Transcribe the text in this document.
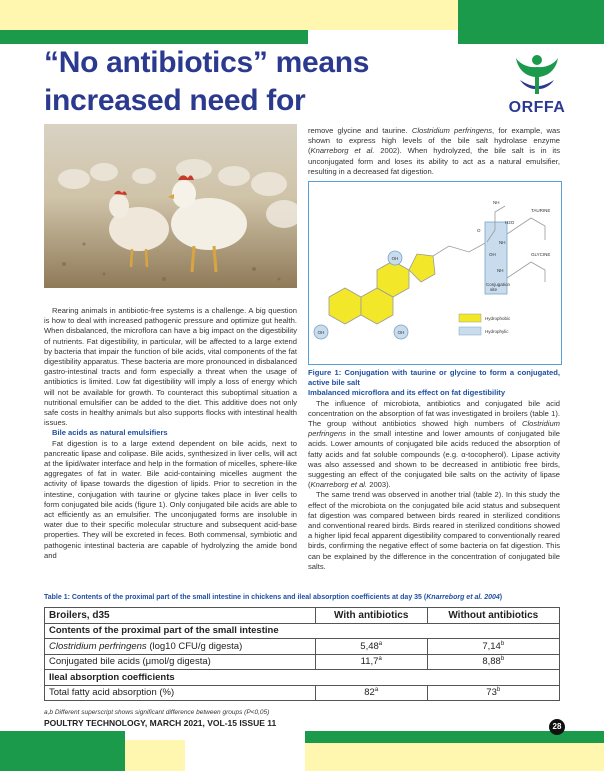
“No antibiotics” means increased need for	ORFFA

Rearing animals in antibiotic-free systems is a challenge. A big question is how to deal with increased pathogenic pressure and optimize gut health. When disbalanced, the microflora can have a big impact on the digestibility of nutrients. Fat digestibility, in particular, will be affected to a large extend by bacteria that impair the function of bile acids, vital components of the fat digestibility apparatus. These bacteria are more pronounced in disbalanced gastro-intestinal tracts and form especially a threat when the usage of antibiotics is limited. Low fat digestibility will imply a loss of energy which will not be available for growth. To counteract this suboptimal situation a nutritional emulsifier can be added to the diet. This additive does not only safe costs in healthy animals but also supports flocks with intestinal health issues.

Bile acids as natural emulsifiers

Fat digestion is to a large extend dependent on bile acids, next to pancreatic lipase and colipase. Bile acids, synthesized in liver cells, will act at the lipid/water interface and help in the formation of micelles, sphere-like aggregates of fat in water. Bile acid-containing micelles augment the activity of lipase towards the digestion of lipids. Prior to secretion in the intestine, conjugation with taurine or glycine takes place in liver cells to form conjugated bile acids (figure 1). Only conjugated bile acids are able to act efficiently as an emulsifier. The unconjugated forms are insoluble in water due to their specific molecular structure and subsequent acid-base properties. They will be excreted in feces. Both commensal, symbiotic and pathogenic intestinal bacteria are capable of hydrolyzing the amide bond and

remove glycine and taurine. Clostridium perfringens, for example, was shown to express high levels of the bile salt hydrolase enzyme (Knarreborg et al. 2002). When hydrolyzed, the bile salt is in its unconjugated form and loses its ability to act as a natural emulsifier, resulting in a decreased fat digestion.

OH
OH	OH
NH
H2O
NH
O
OH
NH
Conjugation
site
TAURINE
GLYCINE
Hydrophobic
Hydrophylic

Figure 1: Conjugation with taurine or glycine to form a conjugated, active bile salt

Imbalanced microflora and its effect on fat digestibility

The influence of microbiota, antibiotics and conjugated bile acid concentration on the absorption of fat was investigated in broilers (table 1). The group without antibiotics showed high numbers of Clostridium perfringens in the small intestine and lower amounts of conjugated bile acids. Lower amounts of conjugated bile acids reduced the absorption of fatty acids and fat soluble compounds (e.g. α-tocopherol). Lipase activity was also assessed and shown to be decreased in antibiotic free birds, suggesting an effect of the conjugated bile salts on the activity of lipase (Knarreborg et al. 2003).

The same trend was observed in another trial (table 2). In this study the effect of the microbiota on the conjugated bile acid status and subsequent fat digestion was compared between birds reared in sterilized conditions and conventional reared birds. Birds reared in sterilized conditions showed a higher lipid fecal apparent digestibility compared to conventionally reared birds, confirming the negative effect of some bacteria on fat digestion. This can be explained by the difference in the concentration of conjugated bile salts.

Table 1: Contents of the proximal part of the small intestine in chickens and ileal absorption coefficients at day 35 (Knarreborg et al. 2004)
Broilers, d35	With antibiotics	Without antibiotics
Contents of the proximal part of the small intestine		
Clostridium perfringens (log10 CFU/g digesta)	5,48$^a$	7,14$^b$
Conjugated bile acids (μmol/g digesta)	11,7$^a$	8,88$^b$
Ileal absorption coefficients		
Total fatty acid absorption (%)	82$^a$	73$^b$
a,b Different superscript shows significant difference between groups (P<0,05)
POULTRY TECHNOLOGY, MARCH 2021, VOL-15 ISSUE 11	28
